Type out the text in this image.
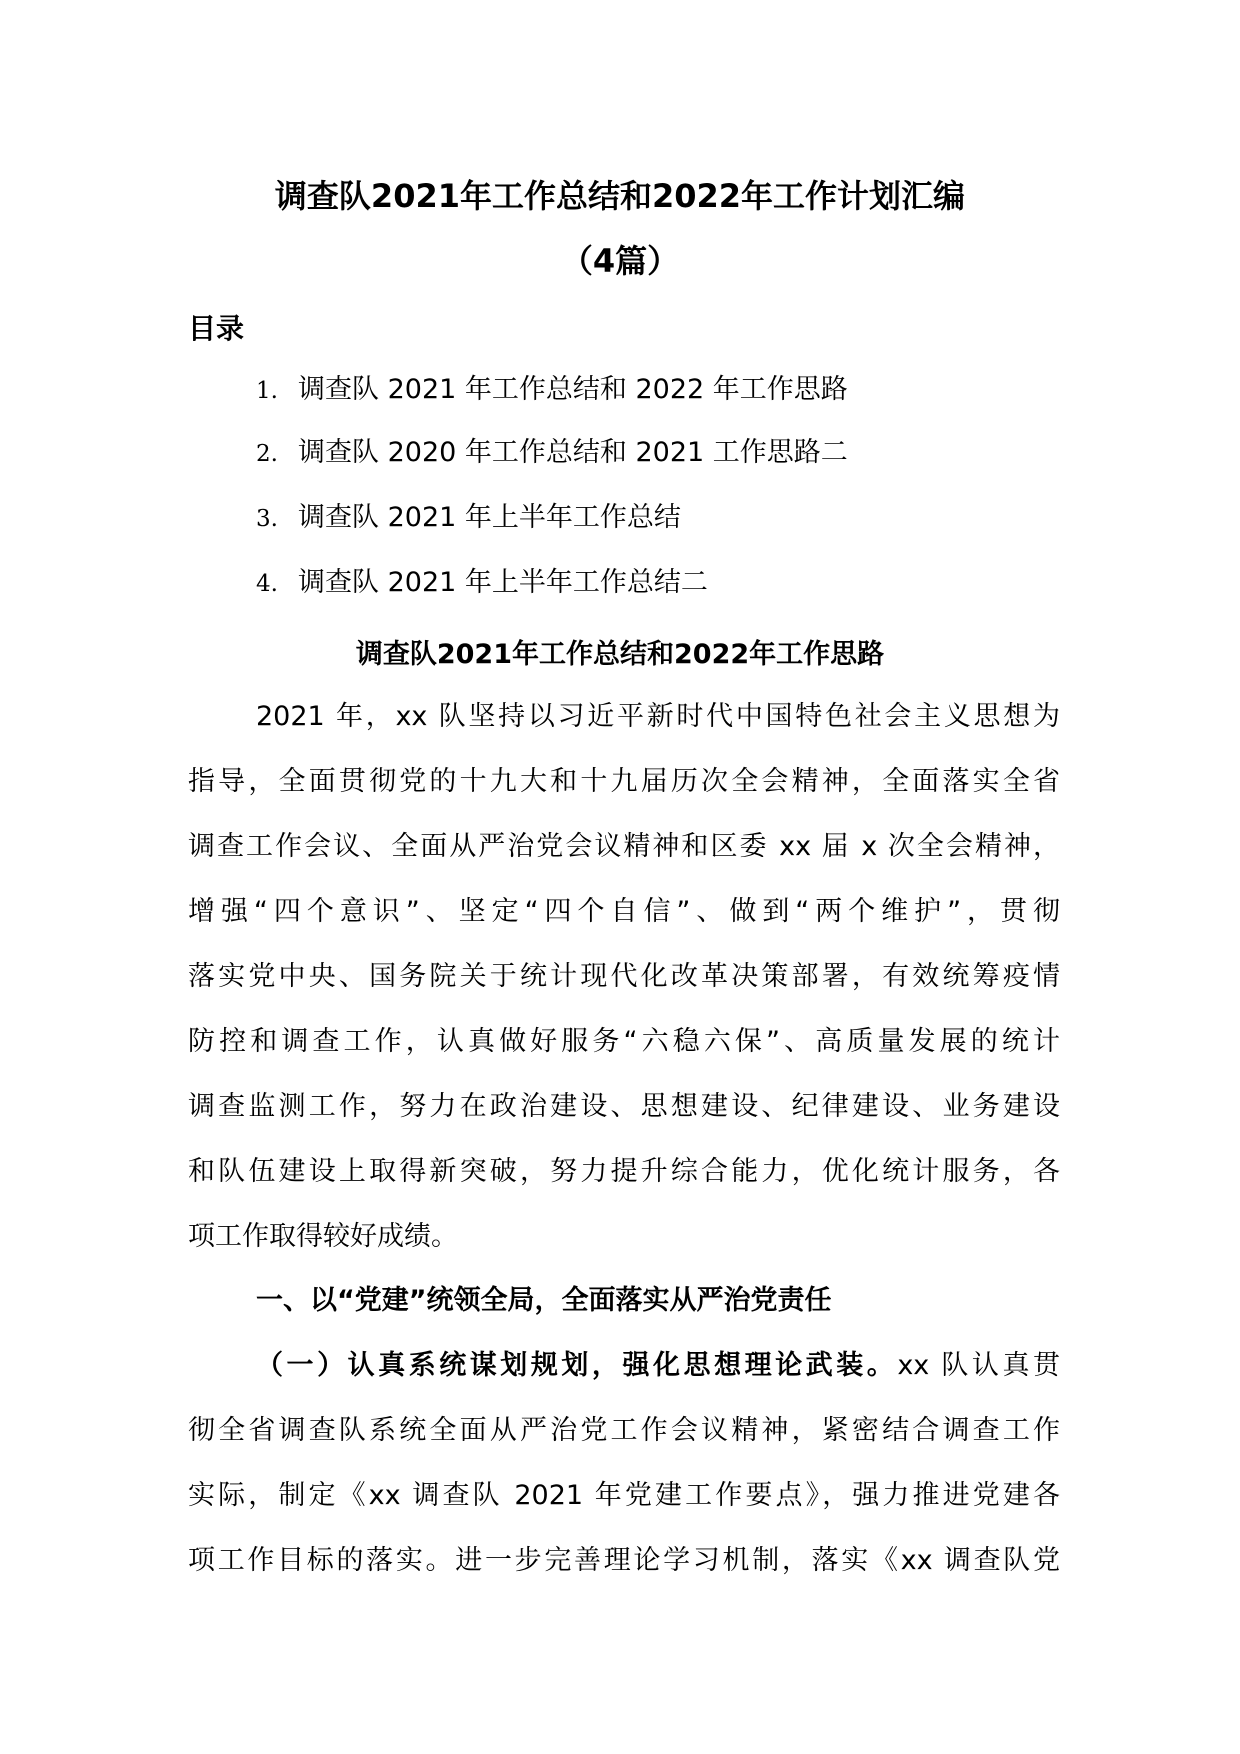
调查队2021年工作总结和2022年工作计划汇编
（4篇）
目录
1. 调查队 2021 年工作总结和 2022 年工作思路
2. 调查队 2020 年工作总结和 2021 工作思路二
3. 调查队 2021 年上半年工作总结
4. 调查队 2021 年上半年工作总结二
调查队2021年工作总结和2022年工作思路
2021 年，xx 队坚持以习近平新时代中国特色社会主义思想为
指导，全面贯彻党的十九大和十九届历次全会精神，全面落实全省
调查工作会议、全面从严治党会议精神和区委 xx 届 x 次全会精神，
增强“四个意识”、坚定“四个自信”、做到“两个维护”，贯彻
落实党中央、国务院关于统计现代化改革决策部署，有效统筹疫情
防控和调查工作，认真做好服务“六稳六保”、高质量发展的统计
调查监测工作，努力在政治建设、思想建设、纪律建设、业务建设
和队伍建设上取得新突破，努力提升综合能力，优化统计服务，各
项工作取得较好成绩。
一、以“党建”统领全局，全面落实从严治党责任
（一）认真系统谋划规划，强化思想理论武装。xx 队认真贯
彻全省调查队系统全面从严治党工作会议精神，紧密结合调查工作
实际，制定《xx 调查队 2021 年党建工作要点》，强力推进党建各
项工作目标的落实。进一步完善理论学习机制，落实《xx 调查队党
